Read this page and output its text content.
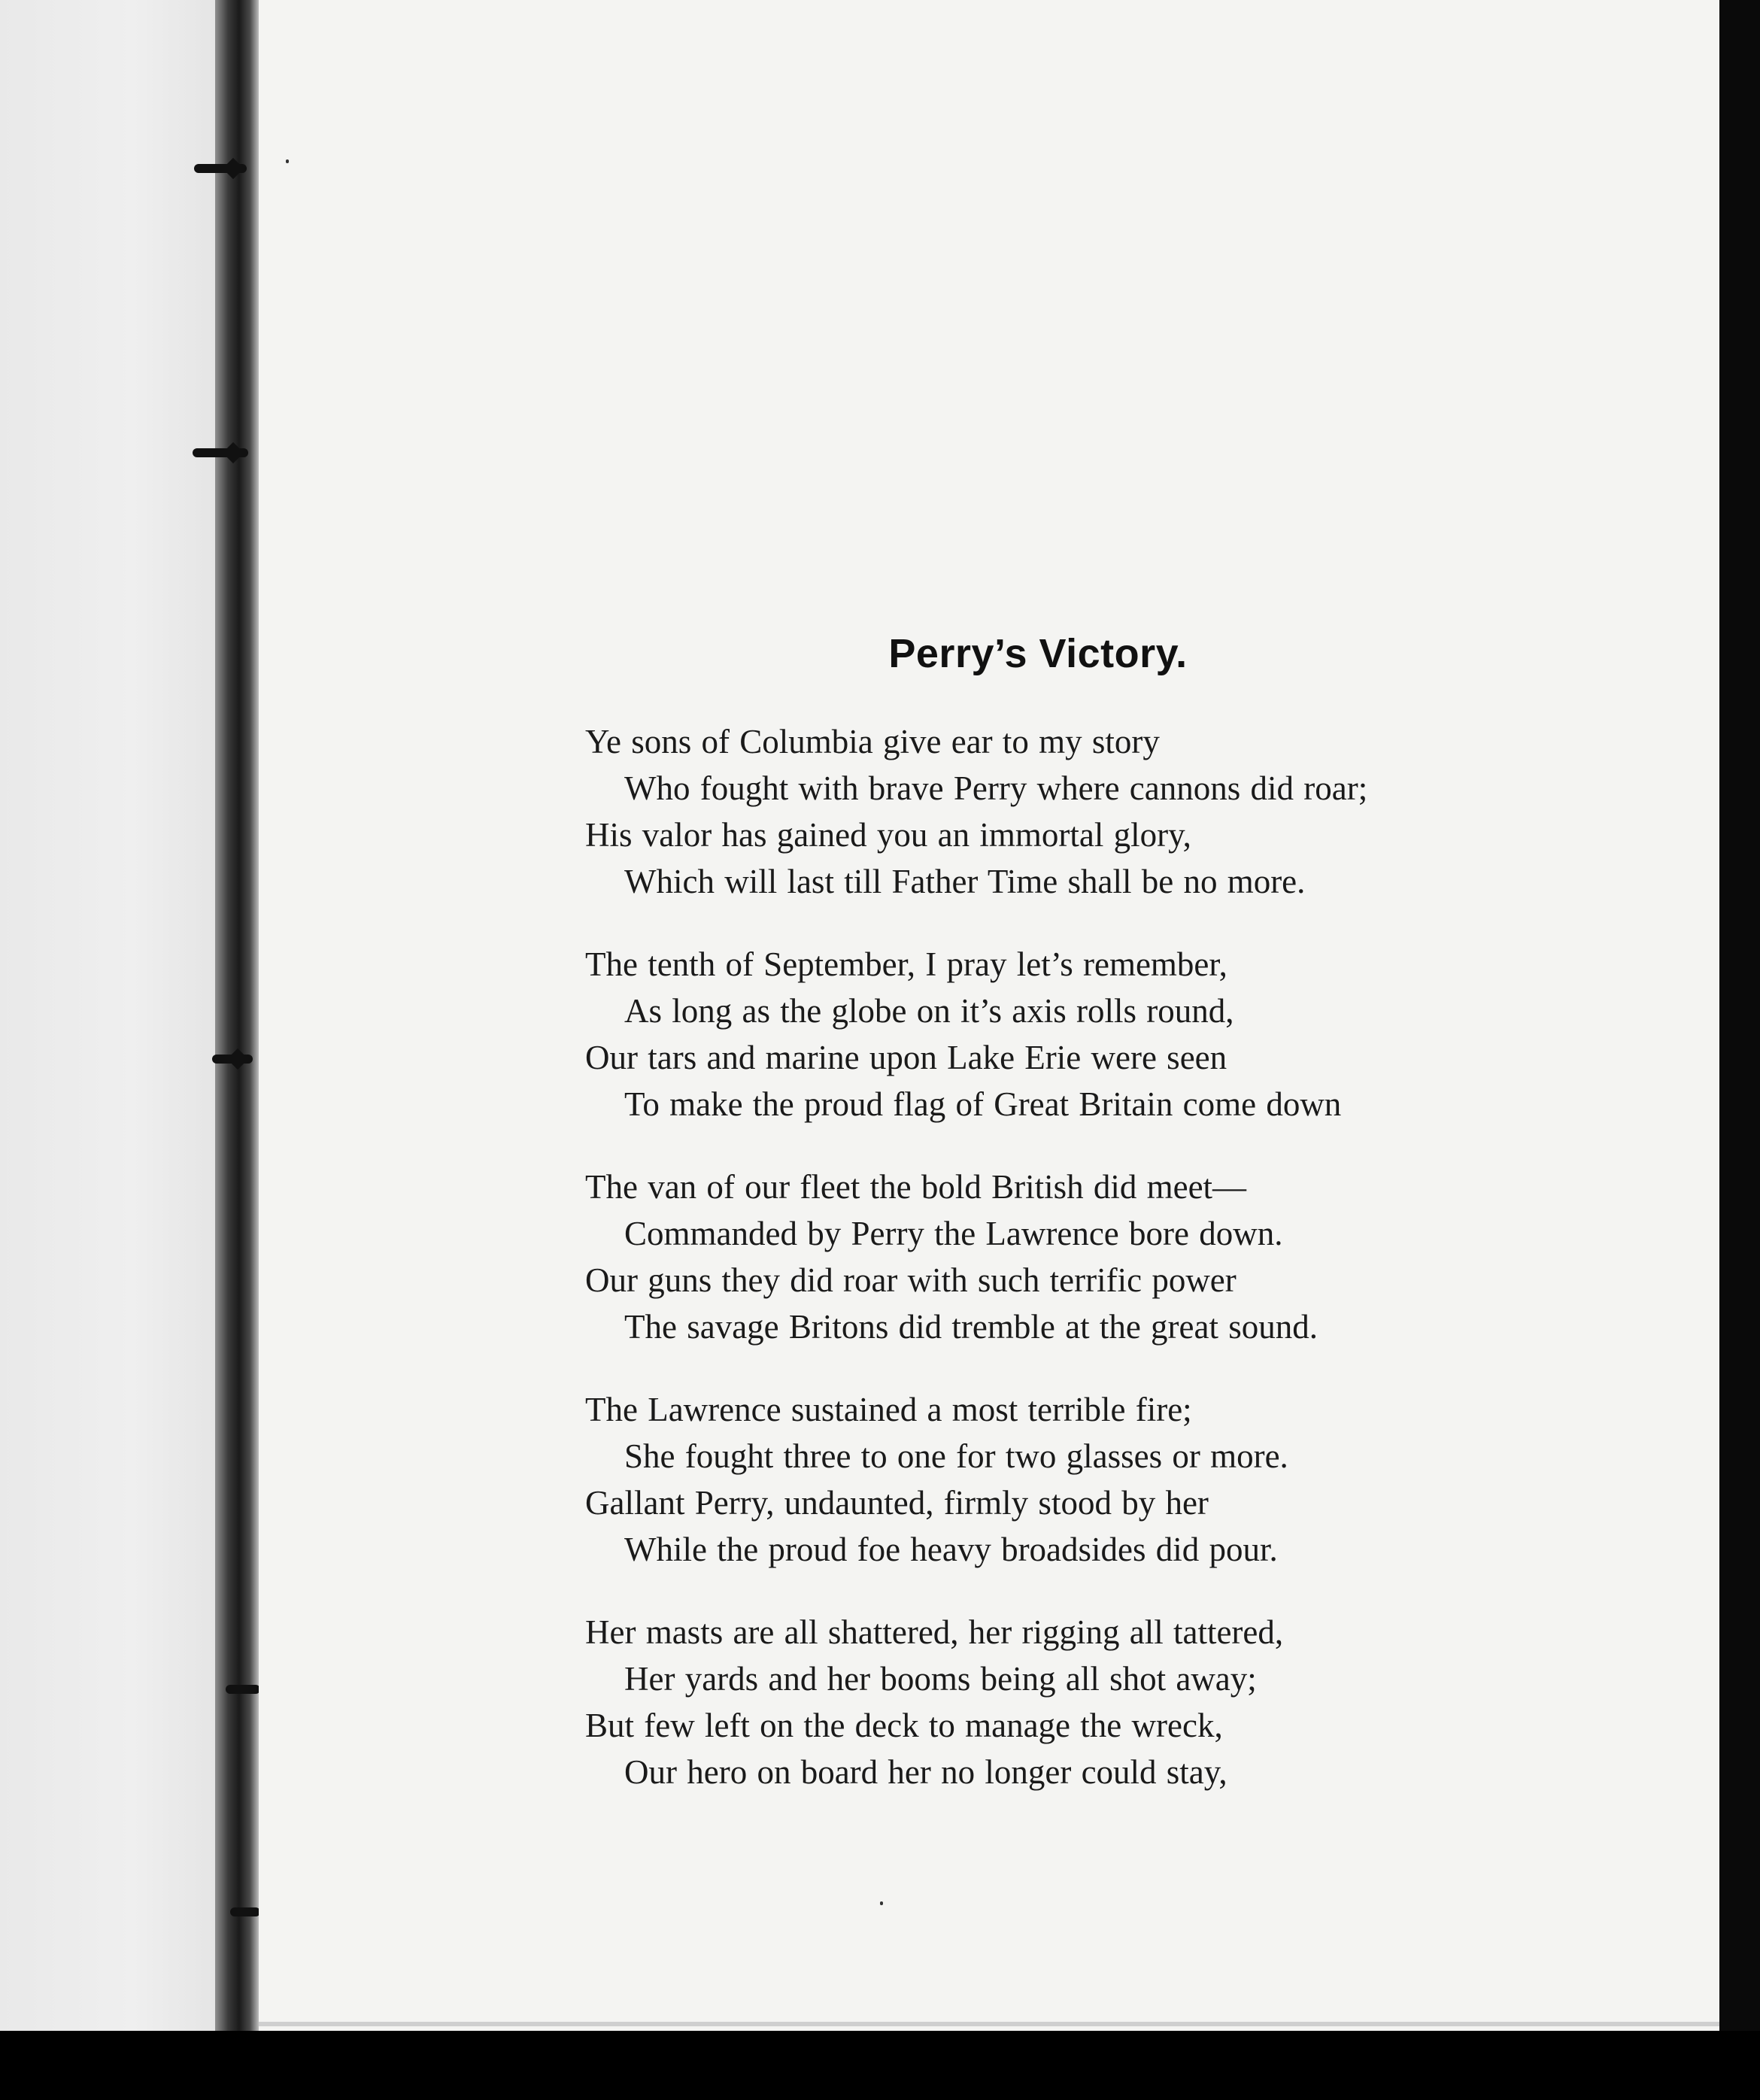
Perry’s Victory.
Ye sons of Columbia give ear to my story
Who fought with brave Perry where cannons did roar;
His valor has gained you an immortal glory,
Which will last till Father Time shall be no more.
The tenth of September, I pray let’s remember,
As long as the globe on it’s axis rolls round,
Our tars and marine upon Lake Erie were seen
To make the proud flag of Great Britain come down
The van of our fleet the bold British did meet—
Commanded by Perry the Lawrence bore down.
Our guns they did roar with such terrific power
The savage Britons did tremble at the great sound.
The Lawrence sustained a most terrible fire;
She fought three to one for two glasses or more.
Gallant Perry, undaunted, firmly stood by her
While the proud foe heavy broadsides did pour.
Her masts are all shattered, her rigging all tattered,
Her yards and her booms being all shot away;
But few left on the deck to manage the wreck,
Our hero on board her no longer could stay,
